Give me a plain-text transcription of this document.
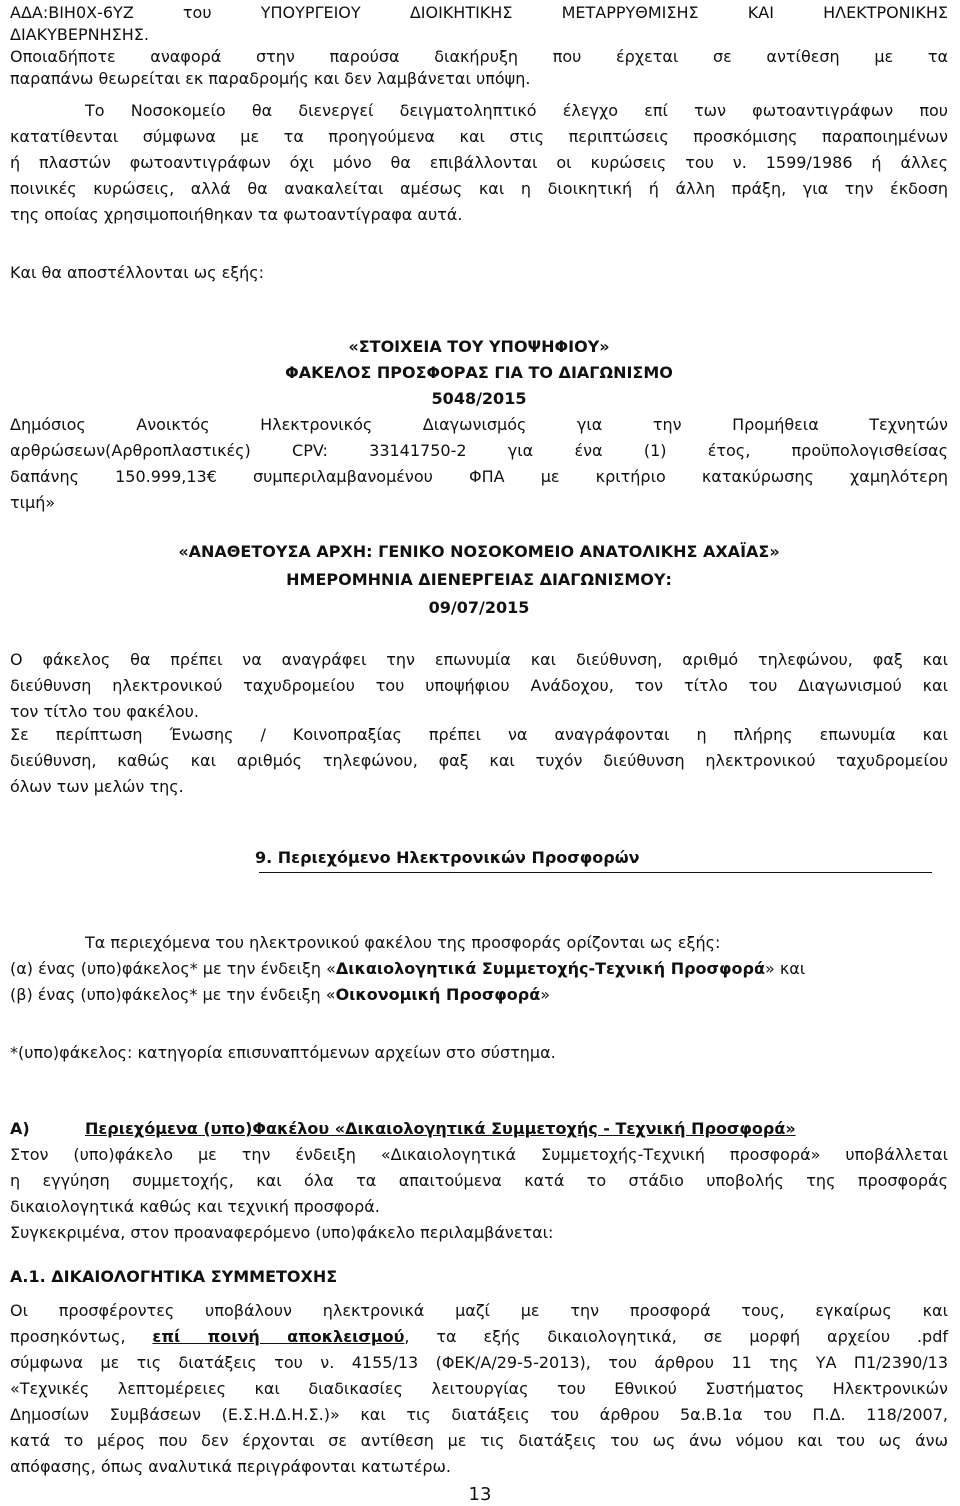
ΑΔΑ:ΒΙΗ0Χ-6ΥΖ του ΥΠΟΥΡΓΕΙΟΥ ΔΙΟΙΚΗΤΙΚΗΣ ΜΕΤΑΡΡΥΘΜΙΣΗΣ ΚΑΙ ΗΛΕΚΤΡΟΝΙΚΗΣ
ΔΙΑΚΥΒΕΡΝΗΣΗΣ.
Οποιαδήποτε αναφορά στην παρούσα διακήρυξη που έρχεται σε αντίθεση με τα
παραπάνω θεωρείται εκ παραδρομής και δεν λαμβάνεται υπόψη.
Το Νοσοκομείο θα διενεργεί δειγματοληπτικό έλεγχο επί των φωτοαντιγράφων που
κατατίθενται σύμφωνα με τα προηγούμενα και στις περιπτώσεις προσκόμισης παραποιημένων
ή πλαστών φωτοαντιγράφων όχι μόνο θα επιβάλλονται οι κυρώσεις του ν. 1599/1986 ή άλλες
ποινικές κυρώσεις, αλλά θα ανακαλείται αμέσως και η διοικητική ή άλλη πράξη, για την έκδοση
της οποίας χρησιμοποιήθηκαν τα φωτοαντίγραφα αυτά.
Και θα αποστέλλονται ως εξής:
«ΣΤΟΙΧΕΙΑ ΤΟΥ ΥΠΟΨΗΦΙΟΥ»
ΦΑΚΕΛΟΣ ΠΡΟΣΦΟΡΑΣ ΓΙΑ ΤΟ ΔΙΑΓΩΝΙΣΜΟ
5048/2015
Δημόσιος Ανοικτός Ηλεκτρονικός Διαγωνισμός για την Προμήθεια Τεχνητών
αρθρώσεων(Αρθροπλαστικές) CPV: 33141750-2 για ένα (1) έτος, προϋπολογισθείσας
δαπάνης 150.999,13€ συμπεριλαμβανομένου ΦΠΑ με κριτήριο κατακύρωσης χαμηλότερη
τιμή»
«ΑΝΑΘΕΤΟΥΣΑ ΑΡΧΗ: ΓΕΝΙΚΟ ΝΟΣΟΚΟΜΕΙΟ ΑΝΑΤΟΛΙΚΗΣ ΑΧΑΪΑΣ»
ΗΜΕΡΟΜΗΝΙΑ ΔΙΕΝΕΡΓΕΙΑΣ ΔΙΑΓΩΝΙΣΜΟΥ:
09/07/2015
Ο φάκελος θα πρέπει να αναγράφει την επωνυμία και διεύθυνση, αριθμό τηλεφώνου, φαξ και
διεύθυνση ηλεκτρονικού ταχυδρομείου του υποψήφιου Ανάδοχου, τον τίτλο του Διαγωνισμού και
τον τίτλο του φακέλου.
Σε περίπτωση Ένωσης / Κοινοπραξίας πρέπει να αναγράφονται η πλήρης επωνυμία και
διεύθυνση, καθώς και αριθμός τηλεφώνου, φαξ και τυχόν διεύθυνση ηλεκτρονικού ταχυδρομείου
όλων των μελών της.
9. Περιεχόμενο Ηλεκτρονικών Προσφορών
Τα περιεχόμενα του ηλεκτρονικού φακέλου της προσφοράς ορίζονται ως εξής:
(α) ένας (υπο)φάκελος* με την ένδειξη «Δικαιολογητικά Συμμετοχής-Τεχνική Προσφορά» και
(β) ένας (υπο)φάκελος* με την ένδειξη «Οικονομική Προσφορά»
*(υπο)φάκελος: κατηγορία επισυναπτόμενων αρχείων στο σύστημα.
A)	Περιεχόμενα (υπο)Φακέλου «Δικαιολογητικά Συμμετοχής - Τεχνική Προσφορά»
Στον (υπο)φάκελο με την ένδειξη «Δικαιολογητικά Συμμετοχής-Τεχνική προσφορά» υποβάλλεται
η εγγύηση συμμετοχής, και όλα τα απαιτούμενα κατά το στάδιο υποβολής της προσφοράς
δικαιολογητικά καθώς και τεχνική προσφορά.
Συγκεκριμένα, στον προαναφερόμενο (υπο)φάκελο περιλαμβάνεται:
Α.1. ΔΙΚΑΙΟΛΟΓΗΤΙΚΑ ΣΥΜΜΕΤΟΧΗΣ
Οι προσφέροντες υποβάλουν ηλεκτρονικά μαζί με την προσφορά τους, εγκαίρως και
προσηκόντως, επί ποινή αποκλεισμού, τα εξής δικαιολογητικά, σε μορφή αρχείου .pdf
σύμφωνα με τις διατάξεις του ν. 4155/13 (ΦΕΚ/Α/29-5-2013), του άρθρου 11 της ΥΑ Π1/2390/13
«Τεχνικές λεπτομέρειες και διαδικασίες λειτουργίας του Εθνικού Συστήματος Ηλεκτρονικών
Δημοσίων Συμβάσεων (Ε.Σ.Η.Δ.Η.Σ.)» και τις διατάξεις του άρθρου 5α.Β.1α του Π.Δ. 118/2007,
κατά το μέρος που δεν έρχονται σε αντίθεση με τις διατάξεις του ως άνω νόμου και του ως άνω
απόφασης, όπως αναλυτικά περιγράφονται κατωτέρω.
13
